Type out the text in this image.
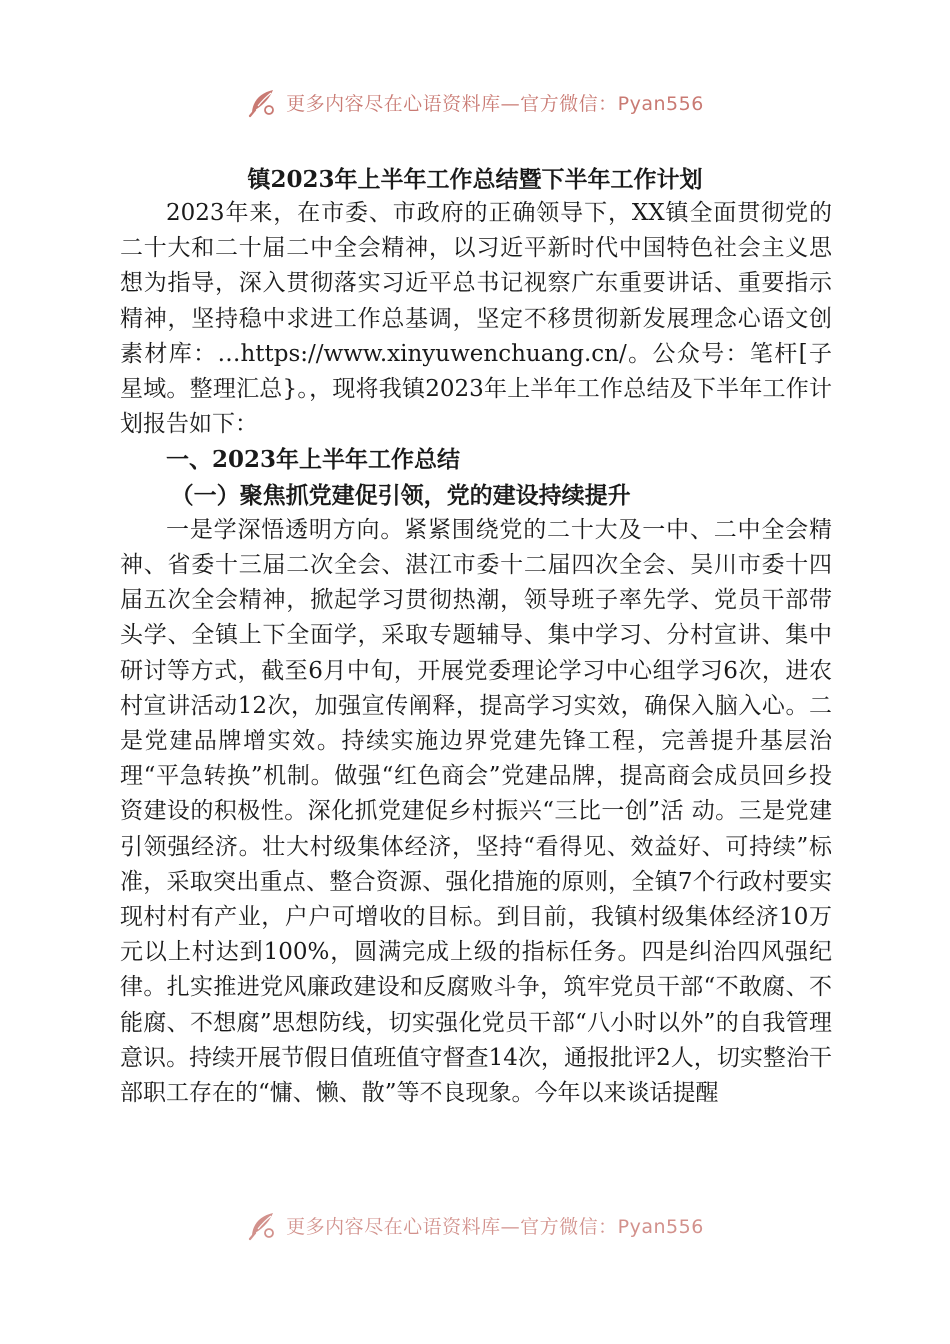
更多内容尽在心语资料库—官方微信：Pyan556
镇2023年上半年工作总结暨下半年工作计划

2023年来，在市委、市政府的正确领导下，XX镇全面贯彻党的二十大和二十届二中全会精神，以习近平新时代中国特色社会主义思想为指导，深入贯彻落实习近平总书记视察广东重要讲话、重要指示精神，坚持稳中求进工作总基调，坚定不移贯彻新发展理念心语文创素材库：…https://www.xinyuwenchuang.cn/。公众号：笔杆[子星域。整理汇总}。，现将我镇2023年上半年工作总结及下半年工作计划报告如下：

一、2023年上半年工作总结

（一）聚焦抓党建促引领，党的建设持续提升

一是学深悟透明方向。紧紧围绕党的二十大及一中、二中全会精神、省委十三届二次全会、湛江市委十二届四次全会、吴川市委十四届五次全会精神，掀起学习贯彻热潮，领导班子率先学、党员干部带头学、全镇上下全面学，采取专题辅导、集中学习、分村宣讲、集中研讨等方式，截至6月中旬，开展党委理论学习中心组学习6次，进农村宣讲活动12次，加强宣传阐释，提高学习实效，确保入脑入心。二是党建品牌增实效。持续实施边界党建先锋工程，完善提升基层治理“平急转换”机制。做强“红色商会”党建品牌，提高商会成员回乡投资建设的积极性。深化抓党建促乡村振兴“三比一创”活 动。三是党建引领强经济。壮大村级集体经济，坚持“看得见、效益好、可持续”标准，采取突出重点、整合资源、强化措施的原则，全镇7个行政村要实现村村有产业，户户可增收的目标。到目前，我镇村级集体经济10万元以上村达到100%，圆满完成上级的指标任务。四是纠治四风强纪律。扎实推进党风廉政建设和反腐败斗争，筑牢党员干部“不敢腐、不能腐、不想腐”思想防线，切实强化党员干部“八小时以外”的自我管理意识。持续开展节假日值班值守督查14次，通报批评2人，切实整治干部职工存在的“慵、懒、散”等不良现象。今年以来谈话提醒

更多内容尽在心语资料库—官方微信：Pyan556
